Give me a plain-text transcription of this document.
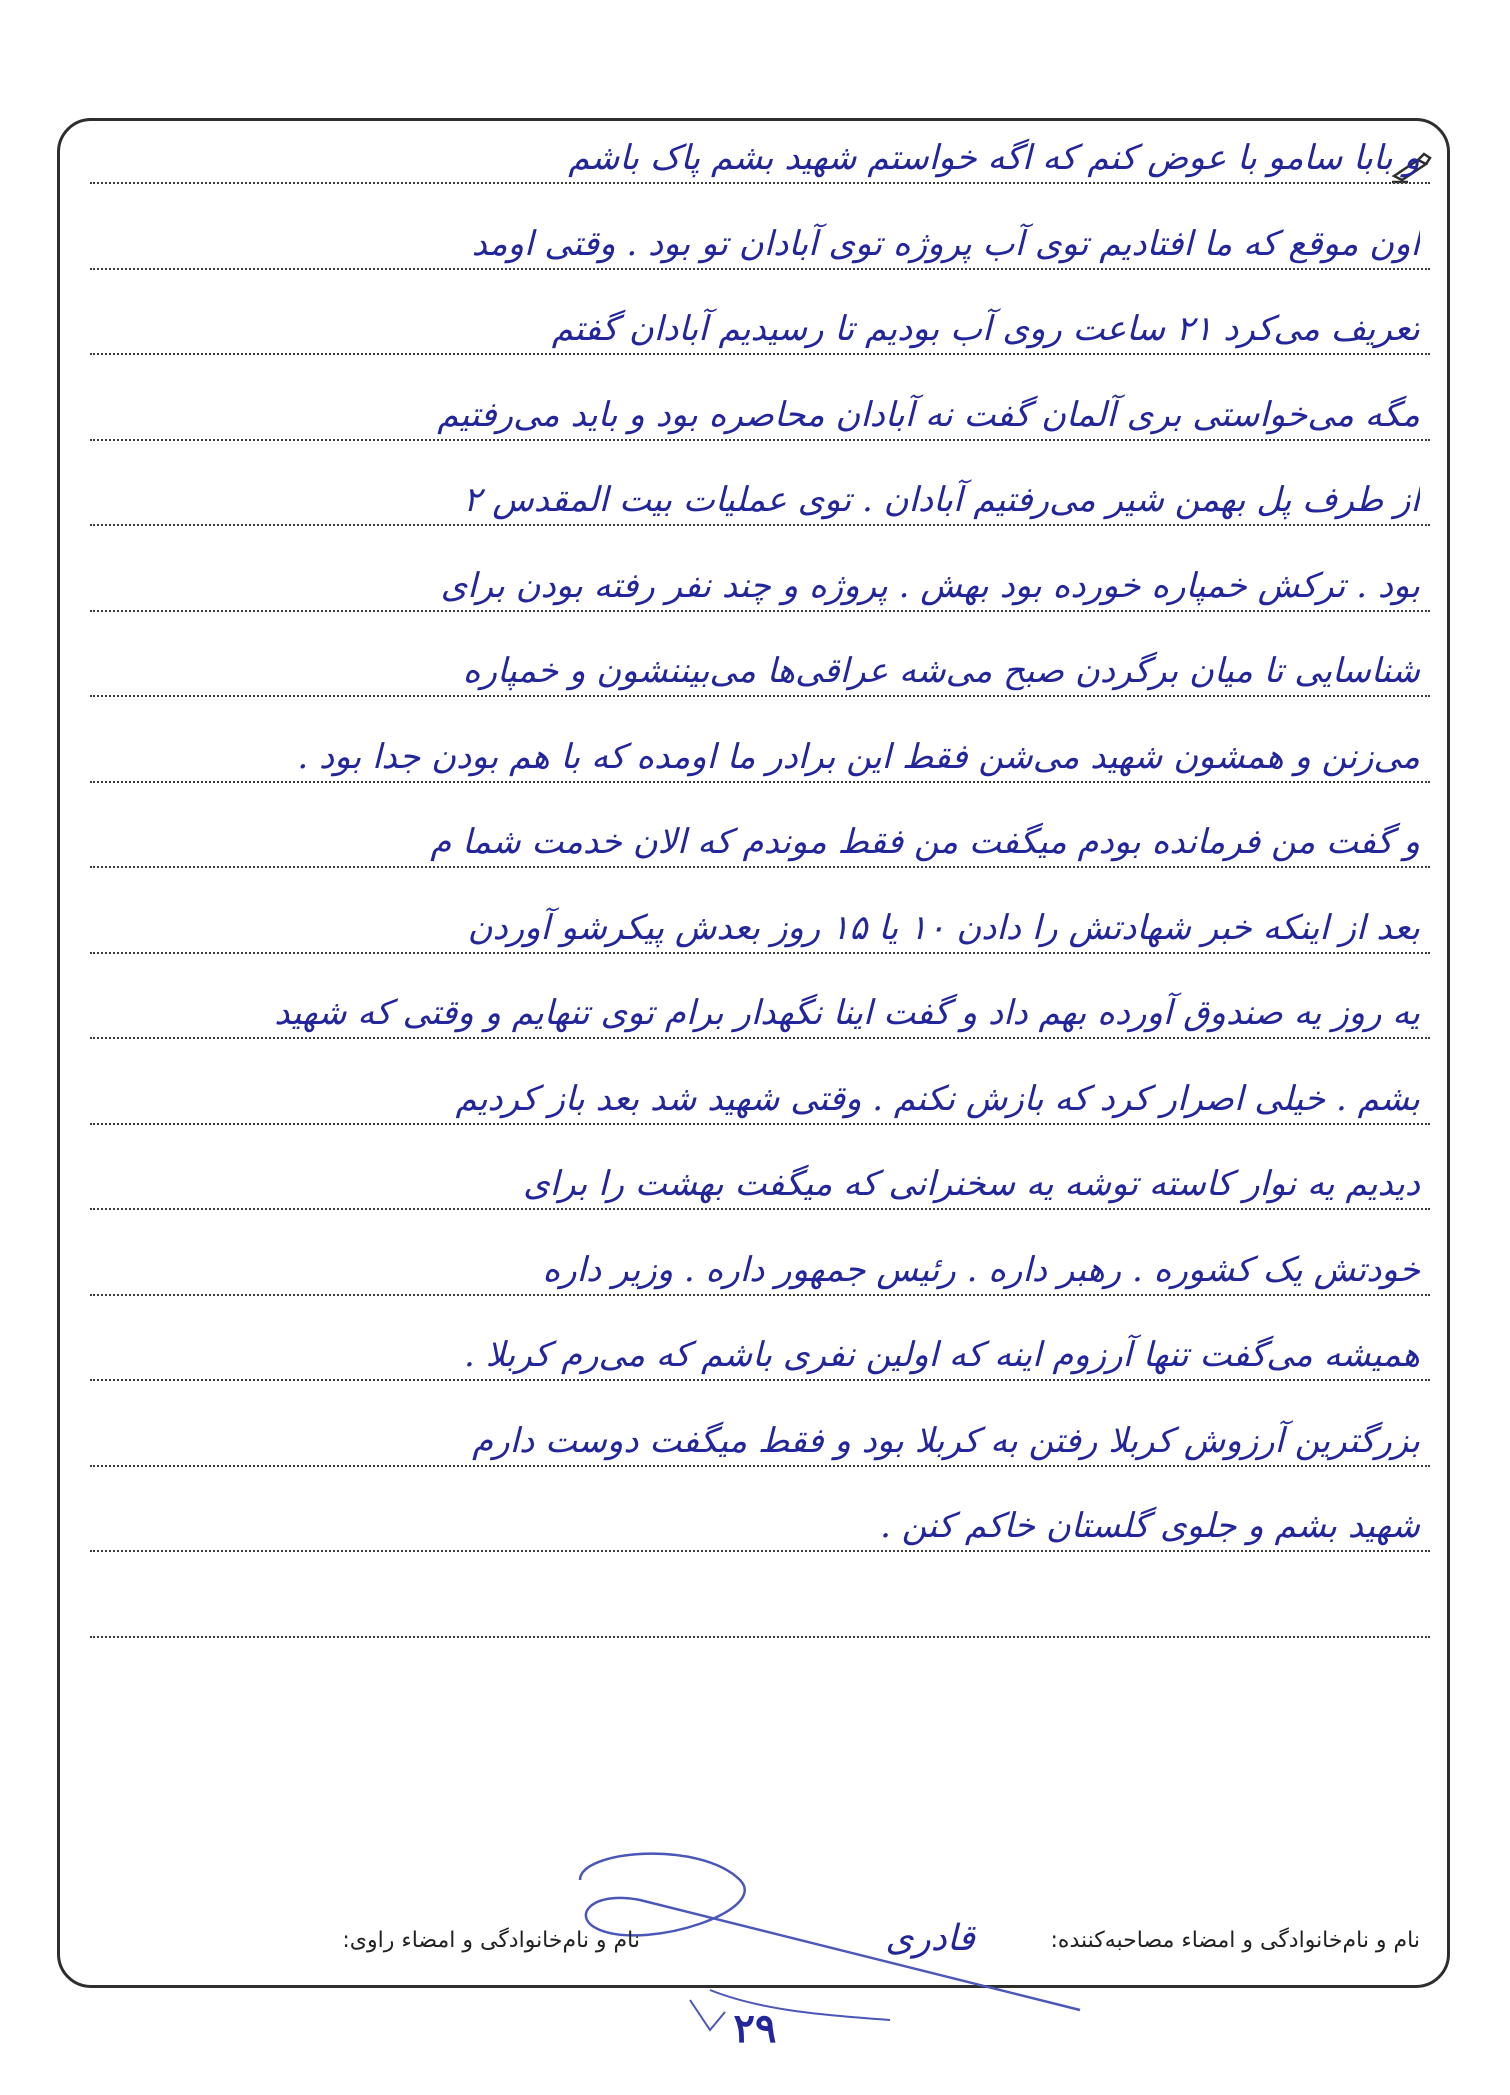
و بابا سامو با عوض کنم که اگه خواستم شهید بشم پاک باشم
اون موقع که ما افتادیم توی آب پروژه توی آبادان تو بود . وقتی اومد
تعریف می‌کرد ۲۱ ساعت روی آب بودیم تا رسیدیم آبادان گفتم
مگه می‌خواستی بری آلمان گفت نه آبادان محاصره بود و باید می‌رفتیم
از طرف پل بهمن شیر می‌رفتیم آبادان . توی عملیات بیت المقدس ۲
بود . ترکش خمپاره خورده بود بهش . پروژه و چند نفر رفته بودن برای
شناسایی تا میان برگردن صبح می‌شه عراقی‌ها می‌بیننشون و خمپاره
می‌زنن و همشون شهید می‌شن فقط این برادر ما اومده که با هم بودن جدا بود .
و گفت من فرمانده بودم میگفت من فقط موندم که الان خدمت شما م
بعد از اینکه خبر شهادتش را دادن ۱۰ یا ۱۵ روز بعدش پیکرشو آوردن
یه روز یه صندوق آورده بهم داد و گفت اینا نگهدار برام توی تنهایم و وقتی که شهید
بشم . خیلی اصرار کرد که بازش نکنم . وقتی شهید شد بعد باز کردیم
دیدیم یه نوار کاسته توشه یه سخنرانی که میگفت بهشت را برای
خودتش یک کشوره . رهبر داره . رئیس جمهور داره . وزیر داره
همیشه می‌گفت تنها آرزوم اینه که اولین نفری باشم که می‌رم کربلا .
بزرگترین آرزوش کربلا رفتن به کربلا بود و فقط میگفت دوست دارم
شهید بشم و جلوی گلستان خاکم کنن .
نام و نام‌خانوادگی و امضاء مصاحبه‌کننده:
قادری
نام و نام‌خانوادگی و امضاء راوی:
۲۹
